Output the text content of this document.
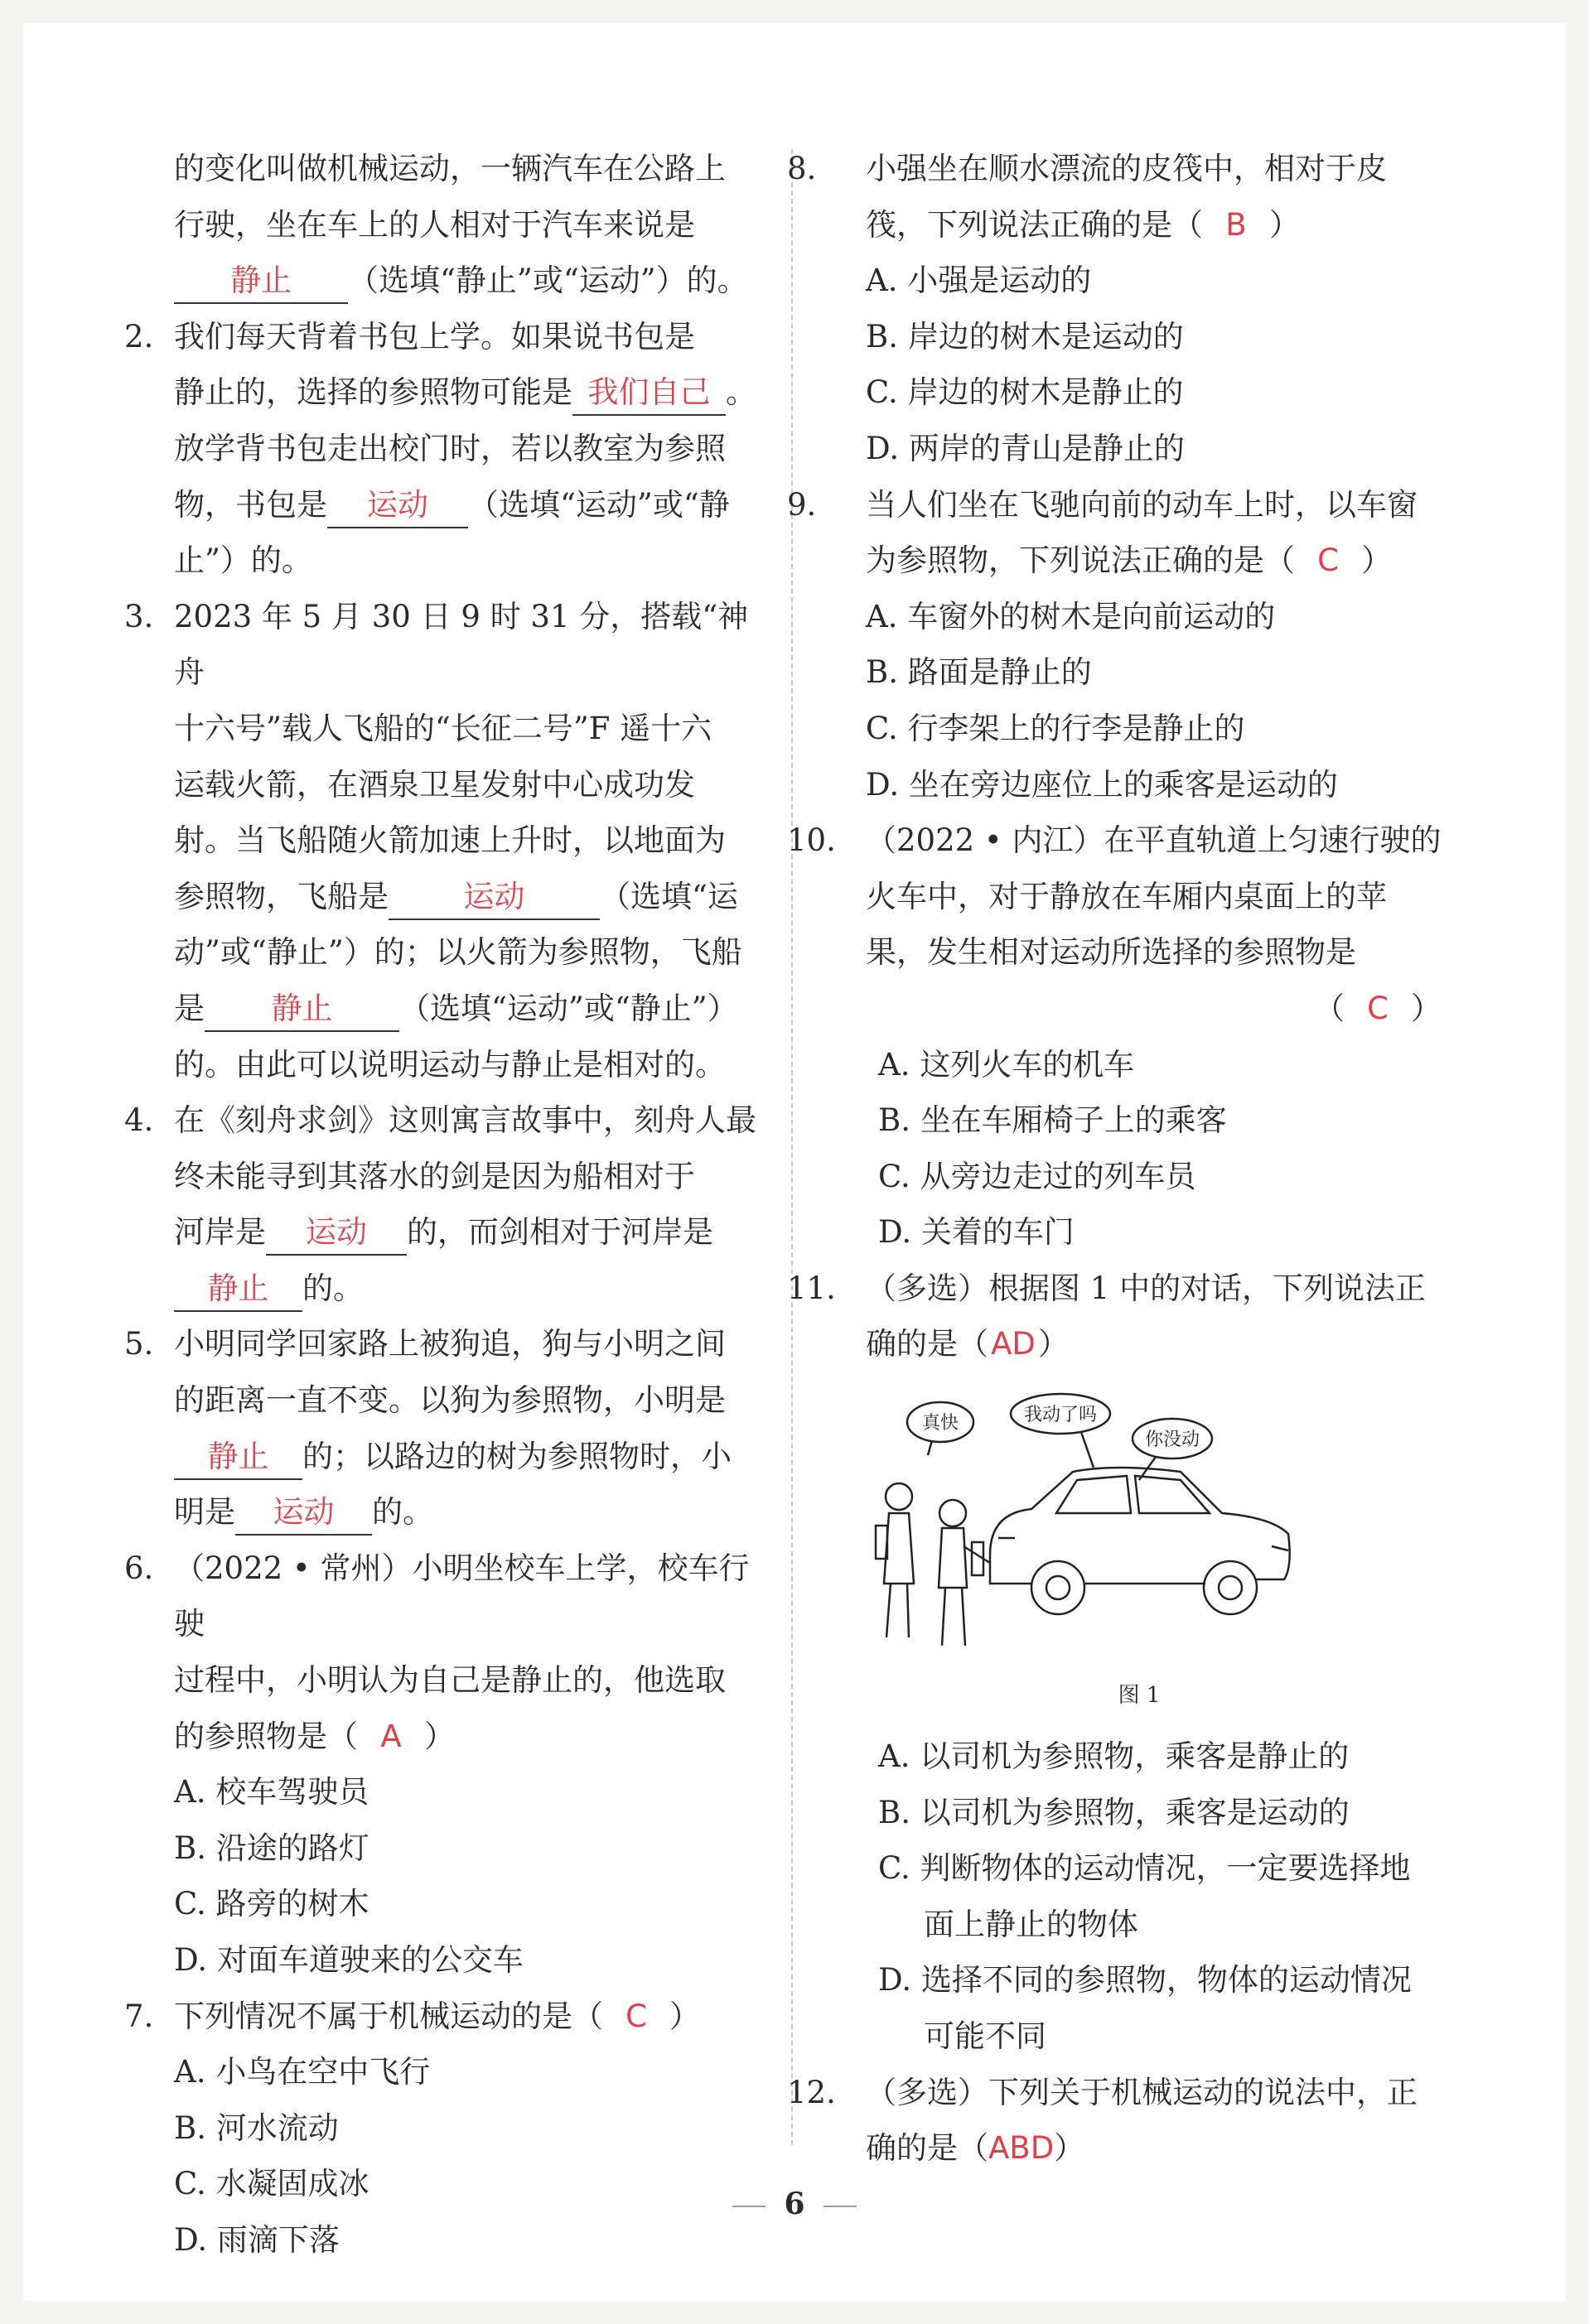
的变化叫做机械运动，一辆汽车在公路上
行驶，坐在车上的人相对于汽车来说是
静止 （选填“静止”或“运动”）的。
2. 我们每天背着书包上学。如果说书包是
静止的，选择的参照物可能是 我们自己 。
放学背书包走出校门时，若以教室为参照
物，书包是 运动 （选填“运动”或“静
止”）的。
3. 2023 年 5 月 30 日 9 时 31 分，搭载“神舟
十六号”载人飞船的“长征二号”F 遥十六
运载火箭，在酒泉卫星发射中心成功发
射。当飞船随火箭加速上升时，以地面为
参照物，飞船是 运动 （选填“运
动”或“静止”）的；以火箭为参照物，飞船
是 静止 （选填“运动”或“静止”）
的。由此可以说明运动与静止是相对的。
4. 在《刻舟求剑》这则寓言故事中，刻舟人最
终未能寻到其落水的剑是因为船相对于
河岸是 运动 的，而剑相对于河岸是
静止 的。
5. 小明同学回家路上被狗追，狗与小明之间
的距离一直不变。以狗为参照物，小明是
静止 的；以路边的树为参照物时，小
明是 运动 的。
6. （2022 • 常州）小明坐校车上学，校车行驶
过程中，小明认为自己是静止的，他选取
的参照物是（ A ）
A. 校车驾驶员
B. 沿途的路灯
C. 路旁的树木
D. 对面车道驶来的公交车
7. 下列情况不属于机械运动的是（ C ）
A. 小鸟在空中飞行
B. 河水流动
C. 水凝固成冰
D. 雨滴下落
8. 小强坐在顺水漂流的皮筏中，相对于皮
筏，下列说法正确的是（ B ）
A. 小强是运动的
B. 岸边的树木是运动的
C. 岸边的树木是静止的
D. 两岸的青山是静止的
9. 当人们坐在飞驰向前的动车上时，以车窗
为参照物，下列说法正确的是（ C ）
A. 车窗外的树木是向前运动的
B. 路面是静止的
C. 行李架上的行李是静止的
D. 坐在旁边座位上的乘客是运动的
10. （2022 • 内江）在平直轨道上匀速行驶的
火车中，对于静放在车厢内桌面上的苹
果，发生相对运动所选择的参照物是
（ C ）
A. 这列火车的机车
B. 坐在车厢椅子上的乘客
C. 从旁边走过的列车员
D. 关着的车门
11. （多选）根据图 1 中的对话，下列说法正
确的是（AD）
真快	我动了吗
你没动
图 1
A. 以司机为参照物，乘客是静止的
B. 以司机为参照物，乘客是运动的
C. 判断物体的运动情况，一定要选择地
面上静止的物体
D. 选择不同的参照物，物体的运动情况
可能不同
12. （多选）下列关于机械运动的说法中，正
确的是（ABD）
6
